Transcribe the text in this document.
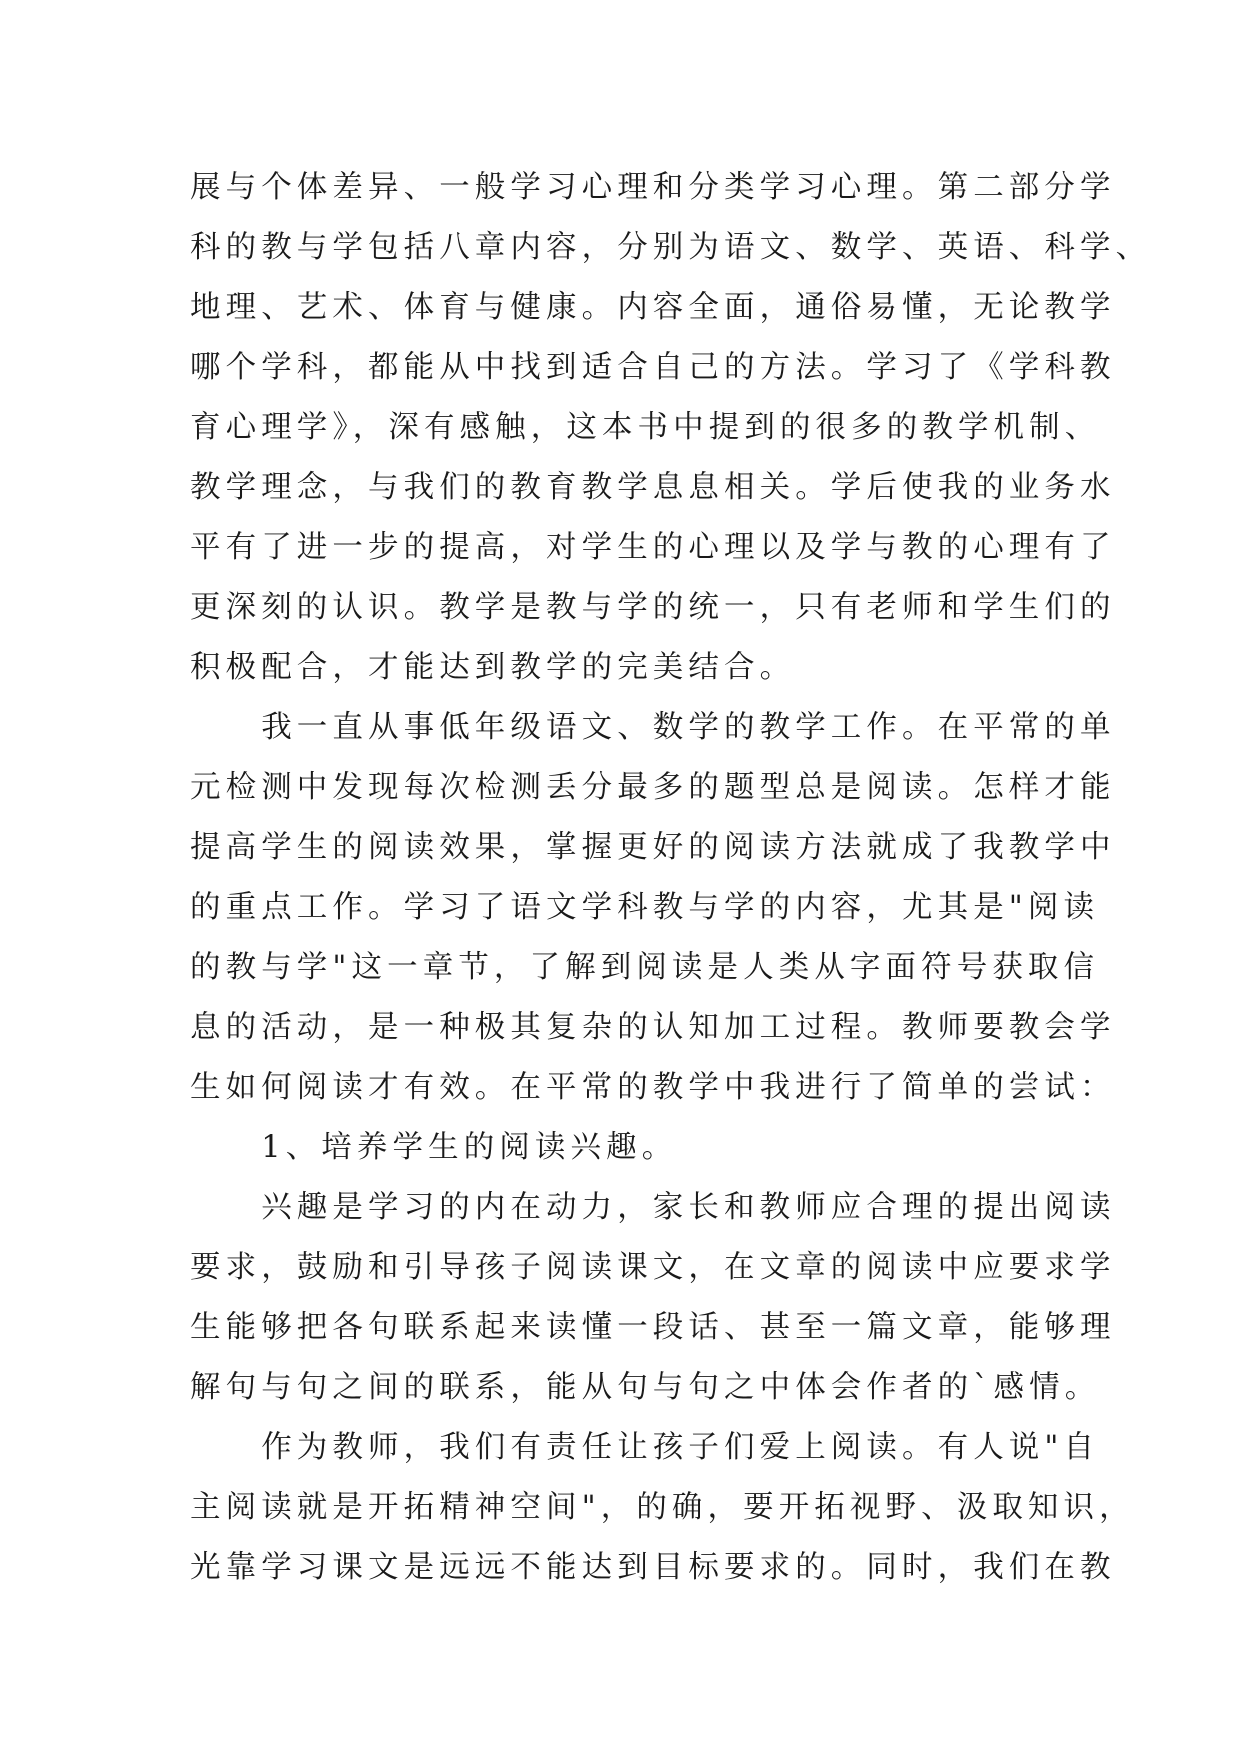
展与个体差异、一般学习心理和分类学习心理。第二部分学
科的教与学包括八章内容，分别为语文、数学、英语、科学、
地理、艺术、体育与健康。内容全面，通俗易懂，无论教学
哪个学科，都能从中找到适合自己的方法。学习了《学科教
育心理学》，深有感触，这本书中提到的很多的教学机制、
教学理念，与我们的教育教学息息相关。学后使我的业务水
平有了进一步的提高，对学生的心理以及学与教的心理有了
更深刻的认识。教学是教与学的统一，只有老师和学生们的
积极配合，才能达到教学的完美结合。
　　我一直从事低年级语文、数学的教学工作。在平常的单
元检测中发现每次检测丢分最多的题型总是阅读。怎样才能
提高学生的阅读效果，掌握更好的阅读方法就成了我教学中
的重点工作。学习了语文学科教与学的内容，尤其是"阅读
的教与学"这一章节，了解到阅读是人类从字面符号获取信
息的活动，是一种极其复杂的认知加工过程。教师要教会学
生如何阅读才有效。在平常的教学中我进行了简单的尝试：
　　1、培养学生的阅读兴趣。
　　兴趣是学习的内在动力，家长和教师应合理的提出阅读
要求，鼓励和引导孩子阅读课文，在文章的阅读中应要求学
生能够把各句联系起来读懂一段话、甚至一篇文章，能够理
解句与句之间的联系，能从句与句之中体会作者的`感情。
　　作为教师，我们有责任让孩子们爱上阅读。有人说"自
主阅读就是开拓精神空间"，的确，要开拓视野、汲取知识，
光靠学习课文是远远不能达到目标要求的。同时，我们在教
